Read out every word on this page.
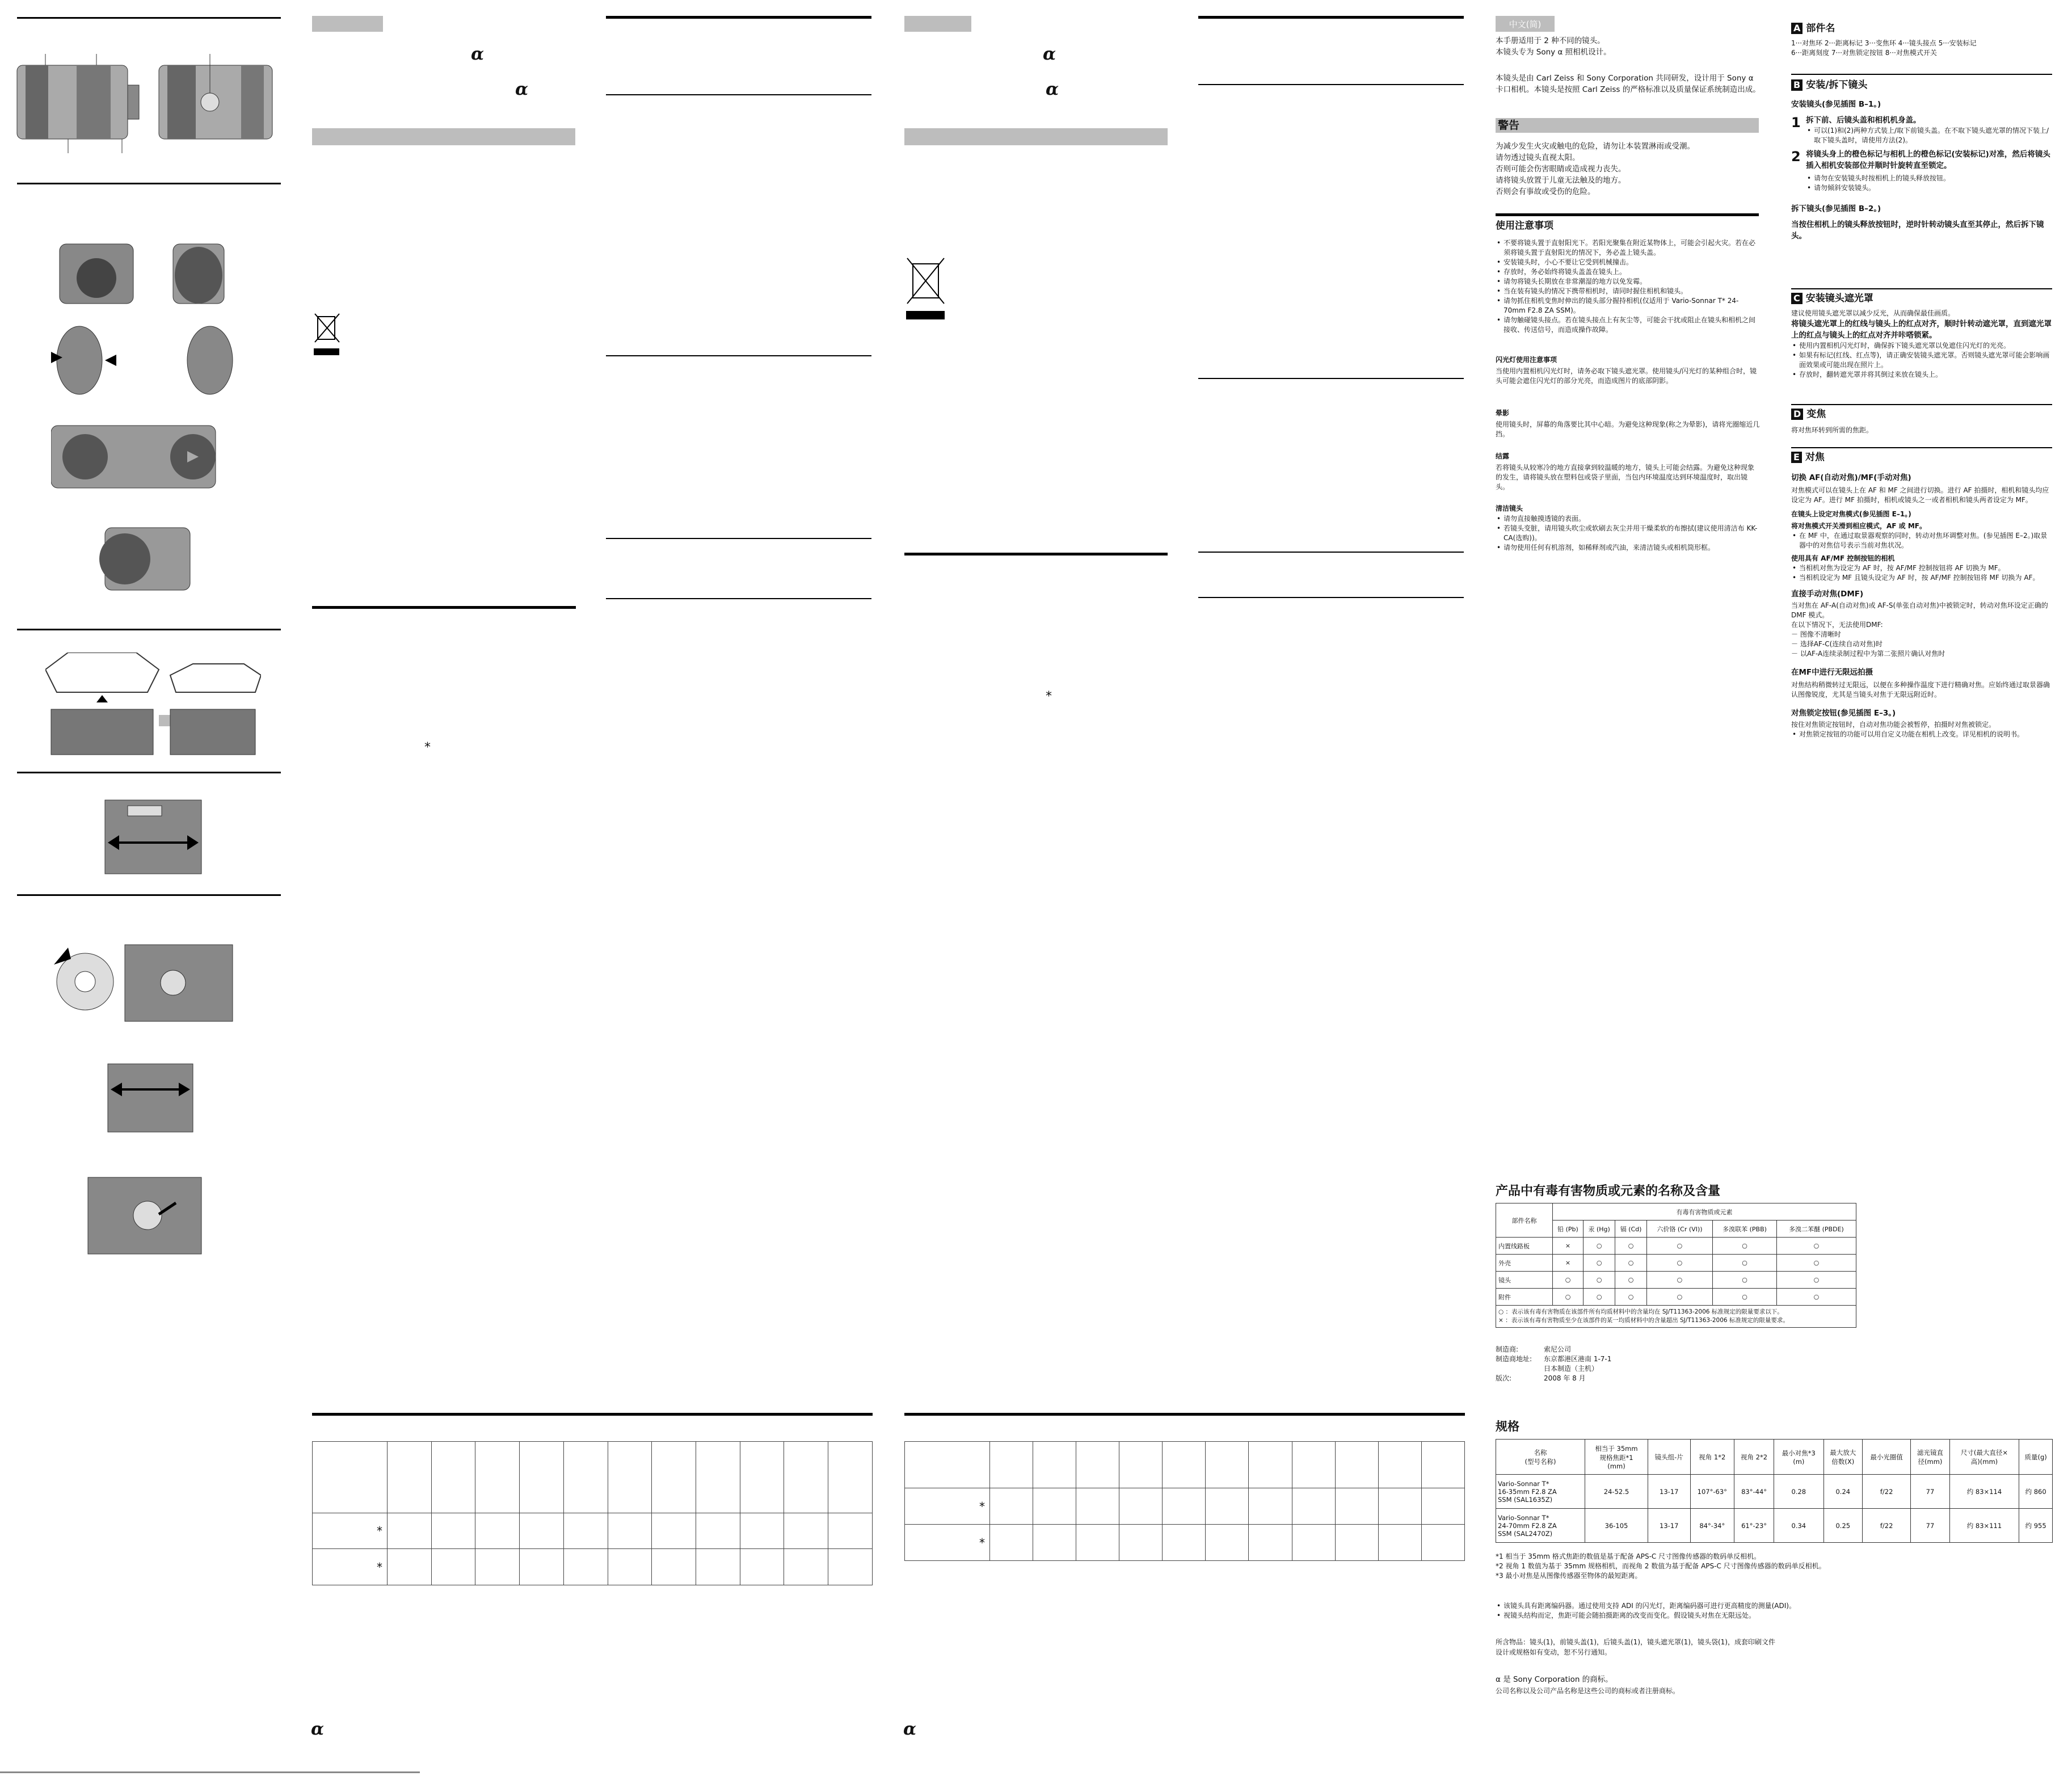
α
α
*

*											
*											
α
α
α
*

*											
*											
α
中文(简)
本手册适用于 2 种不同的镜头。
本镜头专为 Sony α 照相机设计。
本镜头是由 Carl Zeiss 和 Sony Corporation 共同研发，设计用于 Sony α 卡口相机。本镜头是按照 Carl Zeiss 的严格标准以及质量保证系统制造出成。
警告
为减少发生火灾或触电的危险，请勿让本装置淋雨或受潮。
请勿透过镜头直视太阳。
否则可能会伤害眼睛或造成视力丧失。
请将镜头放置于儿童无法触及的地方。
否则会有事故或受伤的危险。
使用注意事项
• 不要将镜头置于直射阳光下。若阳光聚集在附近某物体上，可能会引起火灾。若在必须将镜头置于直射阳光的情况下，务必盖上镜头盖。
• 安装镜头时，小心不要让它受到机械撞击。
• 存放时，务必始终将镜头盖盖在镜头上。
• 请勿将镜头长期放在非常潮湿的地方以免发霉。
• 当在装有镜头的情况下携带相机时，请同时握住相机和镜头。
• 请勿抓住相机变焦时伸出的镜头部分握持相机(仅适用于 Vario-Sonnar T* 24-70mm F2.8 ZA SSM)。
• 请勿触碰镜头接点。若在镜头接点上有灰尘等，可能会干扰或阻止在镜头和相机之间接收、传送信号，而造成操作故障。
闪光灯使用注意事项
当使用内置相机闪光灯时，请务必取下镜头遮光罩。使用镜头/闪光灯的某种组合时，镜头可能会遮住闪光灯的部分光亮，而造成图片的底部阴影。
晕影
使用镜头时，屏幕的角落要比其中心暗。为避免这种现象(称之为晕影)，请将光圈缩近几挡。
结露
若将镜头从较寒冷的地方直接拿到较温暖的地方，镜头上可能会结露。为避免这种现象的发生，请将镜头放在塑料包或袋子里面，当包内环境温度达到环境温度时，取出镜头。
清洁镜头
• 请勿直接触摸透镜的表面。
• 若镜头变脏，请用镜头吹尘或软刷去灰尘并用干燥柔软的布擦拭(建议使用清洁布 KK-CA(选购))。
• 请勿使用任何有机溶剂，如稀释剂或汽油，来清洁镜头或相机筒形框。
A 部件名
1···对焦环 2···距离标记 3···变焦环 4···镜头接点 5···安装标记
6···距离刻度 7···对焦锁定按钮 8···对焦模式开关
B 安装/拆下镜头
安装镜头(参见插图 B–1。)
1 拆下前、后镜头盖和相机机身盖。
• 可以(1)和(2)两种方式装上/取下前镜头盖。在不取下镜头遮光罩的情况下装上/取下镜头盖时，请使用方法(2)。
2 将镜头身上的橙色标记与相机上的橙色标记(安装标记)对准，然后将镜头插入相机安装部位并顺时针旋转直至锁定。
• 请勿在安装镜头时按相机上的镜头释放按钮。
• 请勿倾斜安装镜头。
拆下镜头(参见插图 B–2。)
当按住相机上的镜头释放按钮时，逆时针转动镜头直至其停止，然后拆下镜头。
C 安装镜头遮光罩
建议使用镜头遮光罩以减少反光，从而确保最佳画质。
将镜头遮光罩上的红线与镜头上的红点对齐，顺时针转动遮光罩，直到遮光罩上的红点与镜头上的红点对齐并咔嗒锁紧。
• 使用内置相机闪光灯时，确保拆下镜头遮光罩以免遮住闪光灯的光亮。
• 如果有标记(红线、红点等)，请正确安装镜头遮光罩。否则镜头遮光罩可能会影响画面效果或可能出现在照片上。
• 存放时，翻转遮光罩并将其倒过来放在镜头上。
D 变焦
将对焦环转到所需的焦距。
E 对焦
切换 AF(自动对焦)/MF(手动对焦)
对焦模式可以在镜头上在 AF 和 MF 之间进行切换。进行 AF 拍摄时，相机和镜头均应设定为 AF。进行 MF 拍摄时，相机或镜头之一或者相机和镜头两者设定为 MF。
在镜头上设定对焦模式(参见插图 E–1。)
将对焦模式开关滑到相应模式，AF 或 MF。
• 在 MF 中，在通过取景器观察的同时，转动对焦环调整对焦。(参见插图 E–2。)取景器中的对焦信号表示当前对焦状况。
使用具有 AF/MF 控制按钮的相机
• 当相机对焦为设定为 AF 时，按 AF/MF 控制按钮将 AF 切换为 MF。
• 当相机设定为 MF 且镜头设定为 AF 时，按 AF/MF 控制按钮将 MF 切换为 AF。
直接手动对焦(DMF)
当对焦在 AF-A(自动对焦)或 AF-S(单张自动对焦)中被锁定时，转动对焦环设定正确的 DMF 模式。
在以下情况下，无法使用DMF:
－ 图像不清晰时
－ 选择AF-C(连续自动对焦)时
－ 以AF-A连续录制过程中为第二张照片确认对焦时
在MF中进行无限远拍摄
对焦结构稍微转过无限远，以便在多种操作温度下进行精确对焦。应始终通过取景器确认图像锐度，尤其是当镜头对焦于无限远附近时。
对焦锁定按钮(参见插图 E–3。)
按住对焦锁定按钮时，自动对焦功能会被暂停，拍摄时对焦被锁定。
• 对焦锁定按钮的功能可以用自定义功能在相机上改变。详见相机的说明书。
产品中有毒有害物质或元素的名称及含量
部件名称	有毒有害物质或元素					
	铅 (Pb)	汞 (Hg)	镉 (Cd)	六价铬 (Cr (VI))	多溴联苯 (PBB)	多溴二苯醚 (PBDE)
内置线路板	×	○	○	○	○	○
外壳	×	○	○	○	○	○
镜头	○	○	○	○	○	○
附件	○	○	○	○	○	○

○ ：表示该有毒有害物质在该部件所有均质材料中的含量均在 SJ/T11363-2006 标准规定的限量要求以下。
× ：表示该有毒有害物质至少在该部件的某一均质材料中的含量超出 SJ/T11363-2006 标准规定的限量要求。						
制造商:	索尼公司
制造商地址:	东京都港区港南 1-7-1
日本制造（主机）
版次:	2008 年 8 月
规格
名称
(型号名称)	相当于 35mm
规格焦距*1
(mm)	镜头组-片	视角 1*2	视角 2*2	最小对焦*3
(m)	最大放大
倍数(X)	最小光圈值	滤光镜直
径(mm)	尺寸(最大直径×
高)(mm)	质量(g)
Vario-Sonnar T*
16-35mm F2.8 ZA
SSM (SAL1635Z)	24-52.5	13-17	107°-63°	83°-44°	0.28	0.24	f/22	77	约 83×114	约 860
Vario-Sonnar T*
24-70mm F2.8 ZA
SSM (SAL2470Z)	36-105	13-17	84°-34°	61°-23°	0.34	0.25	f/22	77	约 83×111	约 955
*1 相当于 35mm 格式焦距的数值是基于配备 APS-C 尺寸图像传感器的数码单反相机。
*2 视角 1 数值为基于 35mm 规格相机，而视角 2 数值为基于配备 APS-C 尺寸图像传感器的数码单反相机。
*3 最小对焦是从图像传感器至物体的最短距离。
• 该镜头具有距离编码器。通过使用支持 ADI 的闪光灯，距离编码器可进行更高精度的测量(ADI)。
• 视镜头结构而定，焦距可能会随拍摄距离的改变而变化。假设镜头对焦在无限远处。
所含物品：镜头(1)，前镜头盖(1)，后镜头盖(1)，镜头遮光罩(1)，镜头袋(1)，成套印刷文件
设计或规格如有变动，恕不另行通知。
α 是 Sony Corporation 的商标。
公司名称以及公司产品名称是这些公司的商标或者注册商标。
